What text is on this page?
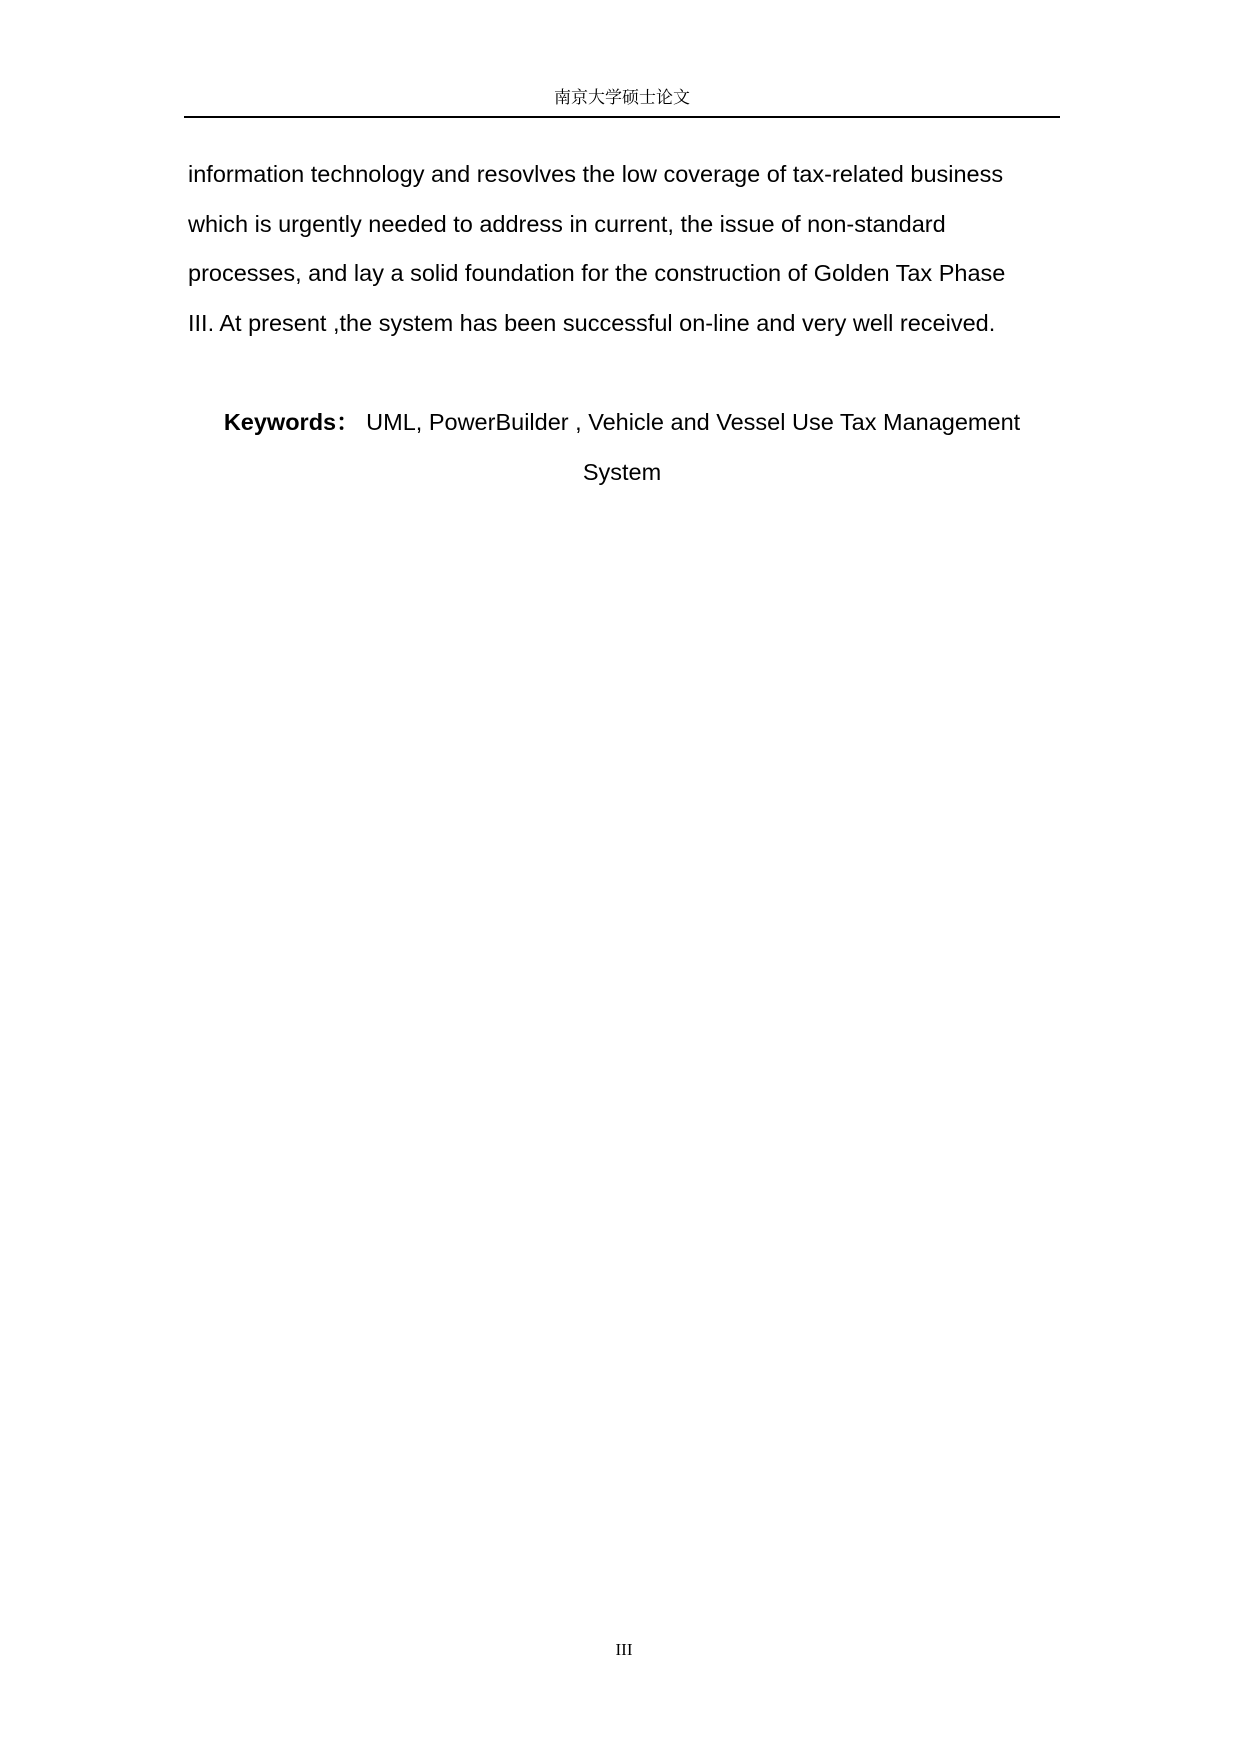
南京大学硕士论文
information technology and resovlves the low coverage of tax-related business
which is urgently needed to address in current, the issue of non-standard
processes, and lay a solid foundation for the construction of Golden Tax Phase
III. At present ,the system has been successful on-line and very well received.
Keywords： UML, PowerBuilder , Vehicle and Vessel Use Tax Management System
III
